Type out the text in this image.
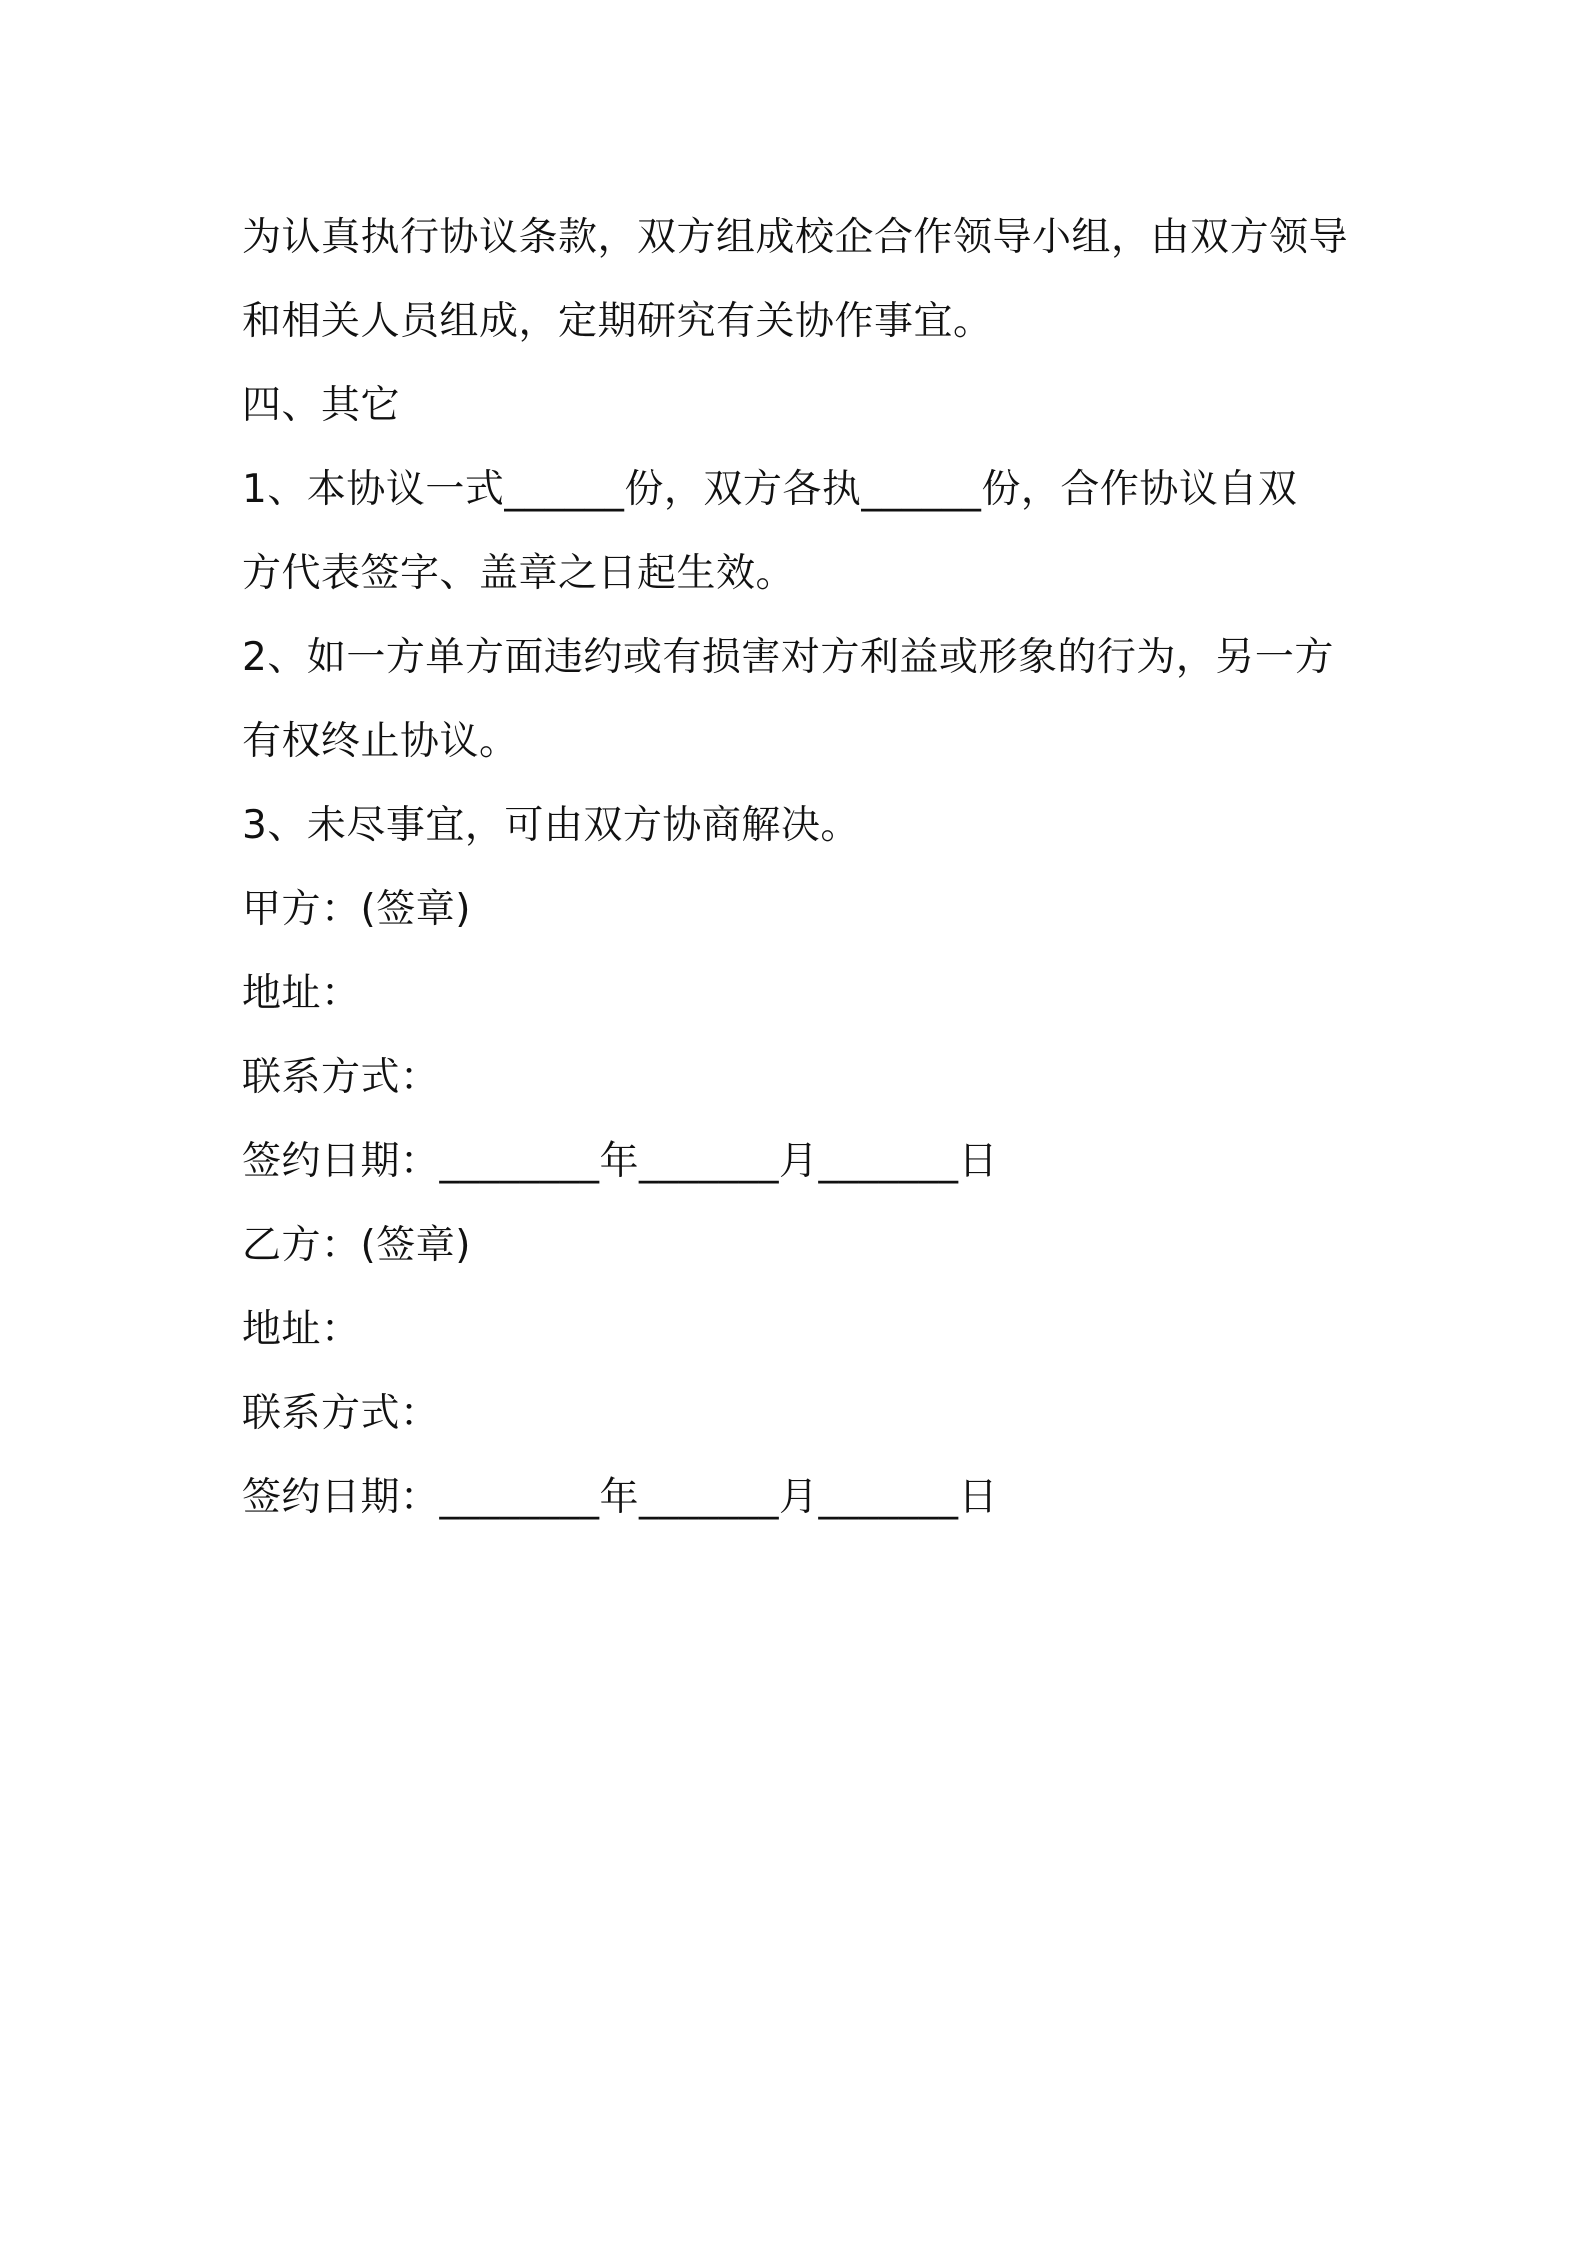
为认真执行协议条款，双方组成校企合作领导小组，由双方领导
和相关人员组成，定期研究有关协作事宜。
四、其它
1、本协议一式______份，双方各执______份，合作协议自双
方代表签字、盖章之日起生效。
2、如一方单方面违约或有损害对方利益或形象的行为，另一方
有权终止协议。
3、未尽事宜，可由双方协商解决。
甲方：(签章)
地址：
联系方式：
签约日期：________年_______月_______日
乙方：(签章)
地址：
联系方式：
签约日期：________年_______月_______日
